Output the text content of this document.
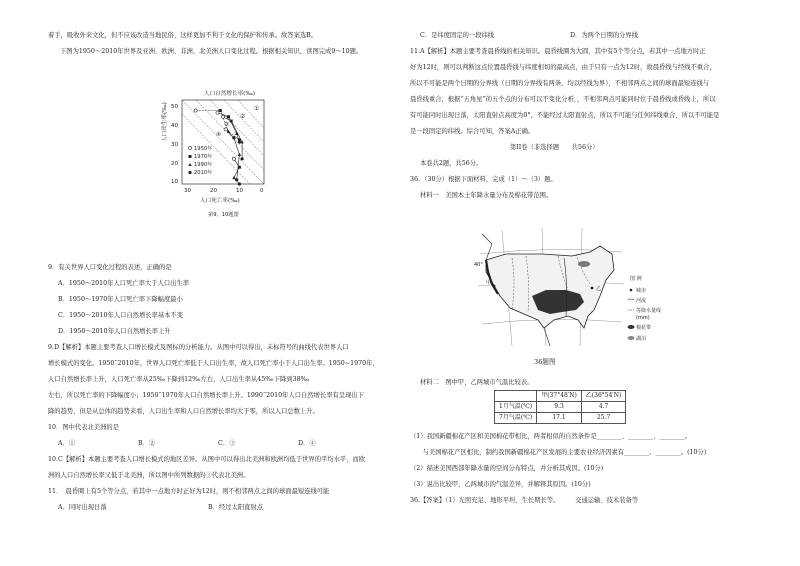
着手，吸收外来文化，但不应该改造当地民俗，这样更加不利于文化的保护和传承。故答案选B。
下图为1950～2010年世界及亚洲、欧洲、非洲、北美洲人口变化过程。根据相关知识，读图完成9～10题。
人口自然增长率(‰)
人口出生率(‰) 50
40
30
20
10
30	20	10	0
人口死亡率(‰)
1950年
1970年
1990年
2010年
①
②
③
④
第9、10题图
9．有关世界人口变化过程的表述，正确的是
A．1950～2010年人口死亡率大于人口出生率
B．1950～1970年人口死亡率下降幅度最小
C．1950～2010年人口自然增长率基本不变
D．1950～2010年人口自然增长率上升
9.D【解析】本题主要考查人口增长模式及图标的分析能力。从图中可以得出，未标符号的曲线代表世界人口
增长模式的变化。1950˜2010年，世界人口死亡率低于人口出生率，故人口死亡率小于人口出生率。1950~1970年，
人口自然增长率上升，人口死亡率从25‰下降到12‰左右，人口出生率从45‰下降到38‰
左右，所以死亡率的下降幅度小；1950˜1970年人口自然增长率上升。1990˜2010年人口自然增长率有呈现出下
降的趋势，但是从总体的趋势来看，人口出生率和人口自然增长率均大于零，所以人口总数上升。
10．图中代表北美洲的是
A．①	B．②	C．③	D．④
10.C【解析】本题主要考查人口增长模式的地区差异。从图中可以得出北美洲和欧洲均低于世界的平均水平，而欧
洲的人口自然增长率又低于北美洲，所以图中所列数据的③代表北美洲。
11．　晨昏圈上有5个等分点，若其中一点地方时正好为12时，则不相邻两点之间的球面最短连线可能
A．同时出现日落	B．经过太阳直射点
C．是纬度固定的一段纬线	D．为两个日期的分界线
11.A【解析】本题主要考查晨昏线的相关知识。晨昏线圈为大圆，其中有5个等分点，若其中一点地方时正
好为12时，则可以判断这点位置晨昏线与纬度相切的最高点，由于只有一点为12时，故晨昏线与经线不重合，
所以不可能是两个日期的分界线（日期的分界线有两条，均以经线为界），不相邻两点之间的球面最短连线与
晨昏线重合，根据“五角星”的五个点的分布可以不变化分析，，不相邻两点可能同时位于晨昏线或昏线上，所以
有可能同时出现日落，太阳直射点高度为0°，不能经过太阳直射点，所以不可能与任何纬线重合，所以不可能是
是一段固定的纬线。综合可知，答案A正确。
第II卷（非选择题　　共56分）
本卷共2题，共56分。
36．（30分）根据下面材料，完成（1）～（3）题。
材料一　美国本土年降水量分布及棉花带范围。
40°
甲
乙
图 例
城市
河流
等降水量线
(mm)
棉花带
湖泊
36题图
材料二　图中甲、乙两城市气温比较表。
	甲(37°48′N)	乙(36°54′N)
1月气温(℃)	9.3	4.7
7月气温(℃)	17.1	25.7
（1）我国新疆棉花产区和美国棉花带相比，两者相似的自然条件是________、________、________。
　　与美国棉花产区相比，制约我国新疆棉花产区发展的主要农业经济因素有________、________。(10分)
（2）描述美国西部年降水量的空间分布特点，并分析其成因。(10分)
（3）说出比较甲、乙两城市的气温差异，并解释其原因。(10分)
36.【答案】（1）光照充足、地形平坦、生长期长等。　　　交通运输、技术装备等
